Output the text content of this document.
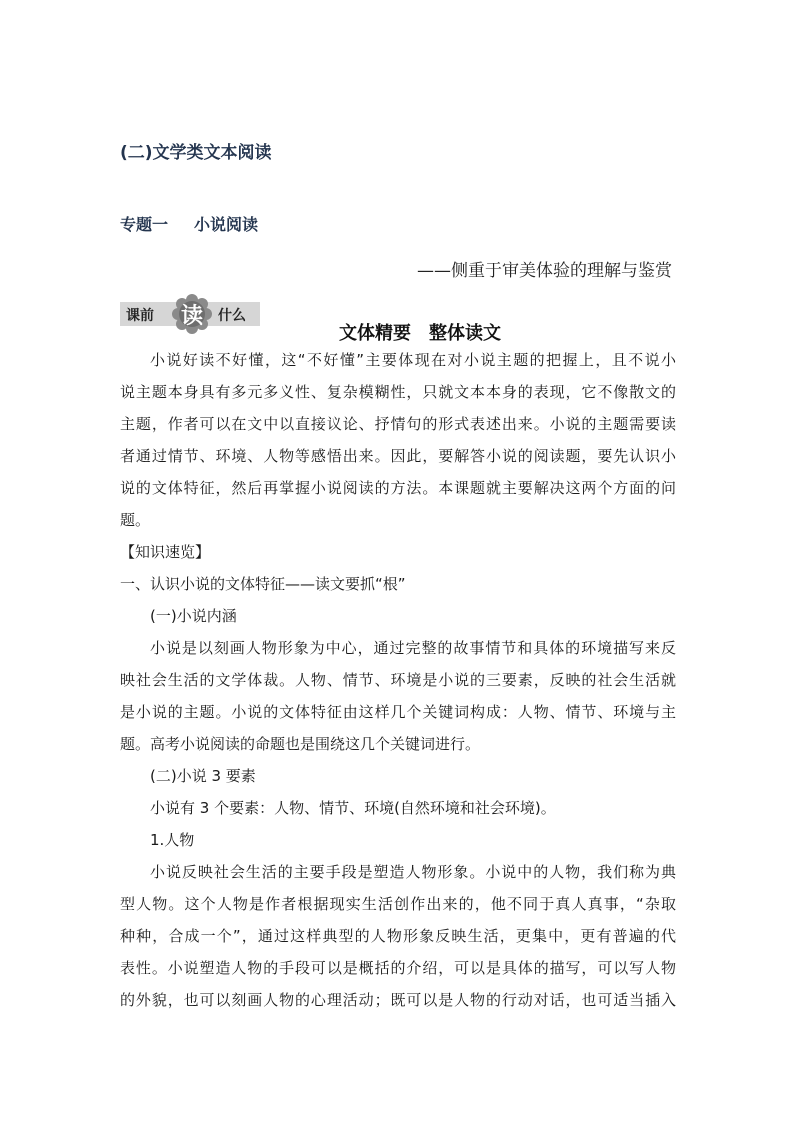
(二)文学类文本阅读
专题一 小说阅读
——侧重于审美体验的理解与鉴赏
课前	读	什么
文体精要 整体读文
小说好读不好懂，这“不好懂”主要体现在对小说主题的把握上，且不说小
说主题本身具有多元多义性、复杂模糊性，只就文本本身的表现，它不像散文的
主题，作者可以在文中以直接议论、抒情句的形式表述出来。小说的主题需要读
者通过情节、环境、人物等感悟出来。因此，要解答小说的阅读题，要先认识小
说的文体特征，然后再掌握小说阅读的方法。本课题就主要解决这两个方面的问
题。
【知识速览】
一、认识小说的文体特征——读文要抓“根”
(一)小说内涵
小说是以刻画人物形象为中心，通过完整的故事情节和具体的环境描写来反
映社会生活的文学体裁。人物、情节、环境是小说的三要素，反映的社会生活就
是小说的主题。小说的文体特征由这样几个关键词构成：人物、情节、环境与主
题。高考小说阅读的命题也是围绕这几个关键词进行。
(二)小说 3 要素
小说有 3 个要素：人物、情节、环境(自然环境和社会环境)。
1.人物
小说反映社会生活的主要手段是塑造人物形象。小说中的人物，我们称为典
型人物。这个人物是作者根据现实生活创作出来的，他不同于真人真事，“杂取
种种，合成一个”，通过这样典型的人物形象反映生活，更集中，更有普遍的代
表性。小说塑造人物的手段可以是概括的介绍，可以是具体的描写，可以写人物
的外貌，也可以刻画人物的心理活动；既可以是人物的行动对话，也可适当插入
